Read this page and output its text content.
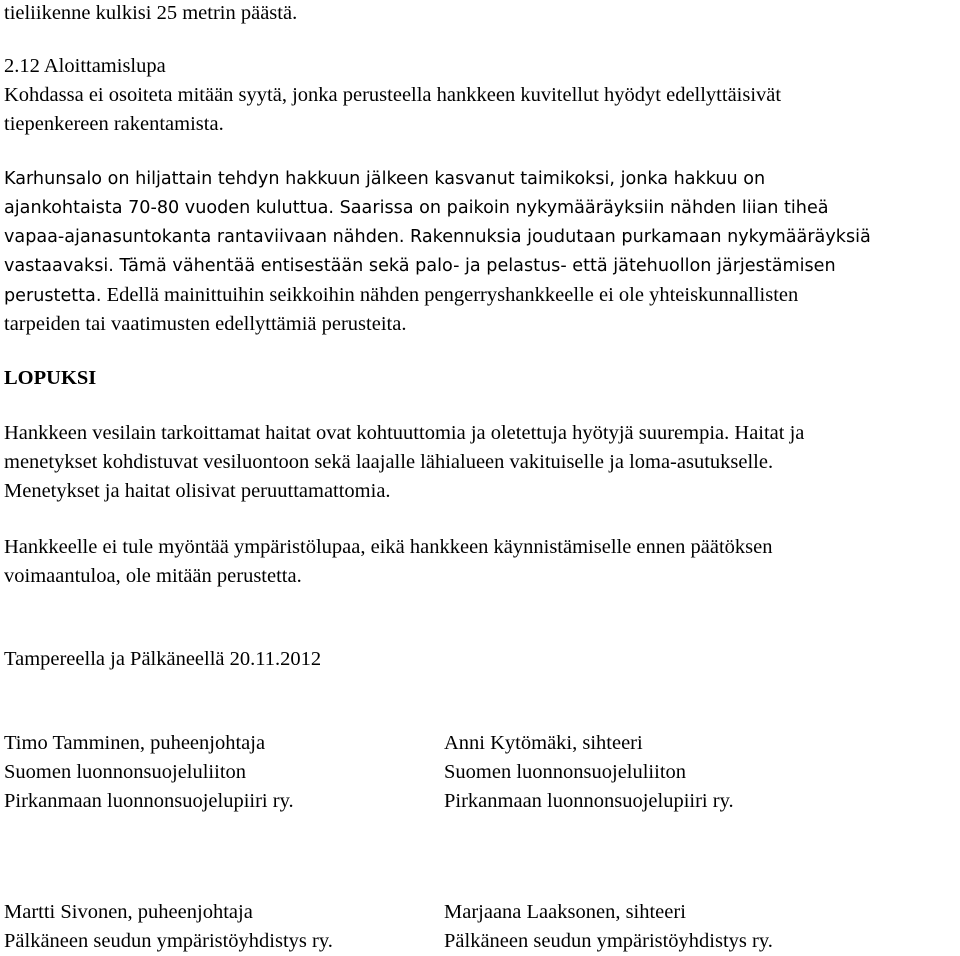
tieliikenne kulkisi 25 metrin päästä.
2.12 Aloittamislupa
Kohdassa ei osoiteta mitään syytä, jonka perusteella hankkeen kuvitellut hyödyt edellyttäisivät
tiepenkereen rakentamista.
Karhunsalo on hiljattain tehdyn hakkuun jälkeen kasvanut taimikoksi, jonka hakkuu on
ajankohtaista 70-80 vuoden kuluttua. Saarissa on paikoin nykymääräyksiin nähden liian tiheä
vapaa-ajanasuntokanta rantaviivaan nähden. Rakennuksia joudutaan purkamaan nykymääräyksiä
vastaavaksi. Tämä vähentää entisestään sekä palo- ja pelastus- että jätehuollon järjestämisen
perustetta. Edellä mainittuihin seikkoihin nähden pengerryshankkeelle ei ole yhteiskunnallisten
tarpeiden tai vaatimusten edellyttämiä perusteita.
LOPUKSI
Hankkeen vesilain tarkoittamat haitat ovat kohtuuttomia ja oletettuja hyötyjä suurempia. Haitat ja
menetykset kohdistuvat vesiluontoon sekä laajalle lähialueen vakituiselle ja loma-asutukselle.
Menetykset ja haitat olisivat peruuttamattomia.
Hankkeelle ei tule myöntää ympäristölupaa, eikä hankkeen käynnistämiselle ennen päätöksen
voimaantuloa, ole mitään perustetta.
Tampereella ja Pälkäneellä 20.11.2012
Timo Tamminen, puheenjohtaja
Suomen luonnonsuojeluliiton
Pirkanmaan luonnonsuojelupiiri ry.
Anni Kytömäki, sihteeri
Suomen luonnonsuojeluliiton
Pirkanmaan luonnonsuojelupiiri ry.
Martti Sivonen, puheenjohtaja
Pälkäneen seudun ympäristöyhdistys ry.
Marjaana Laaksonen, sihteeri
Pälkäneen seudun ympäristöyhdistys ry.
